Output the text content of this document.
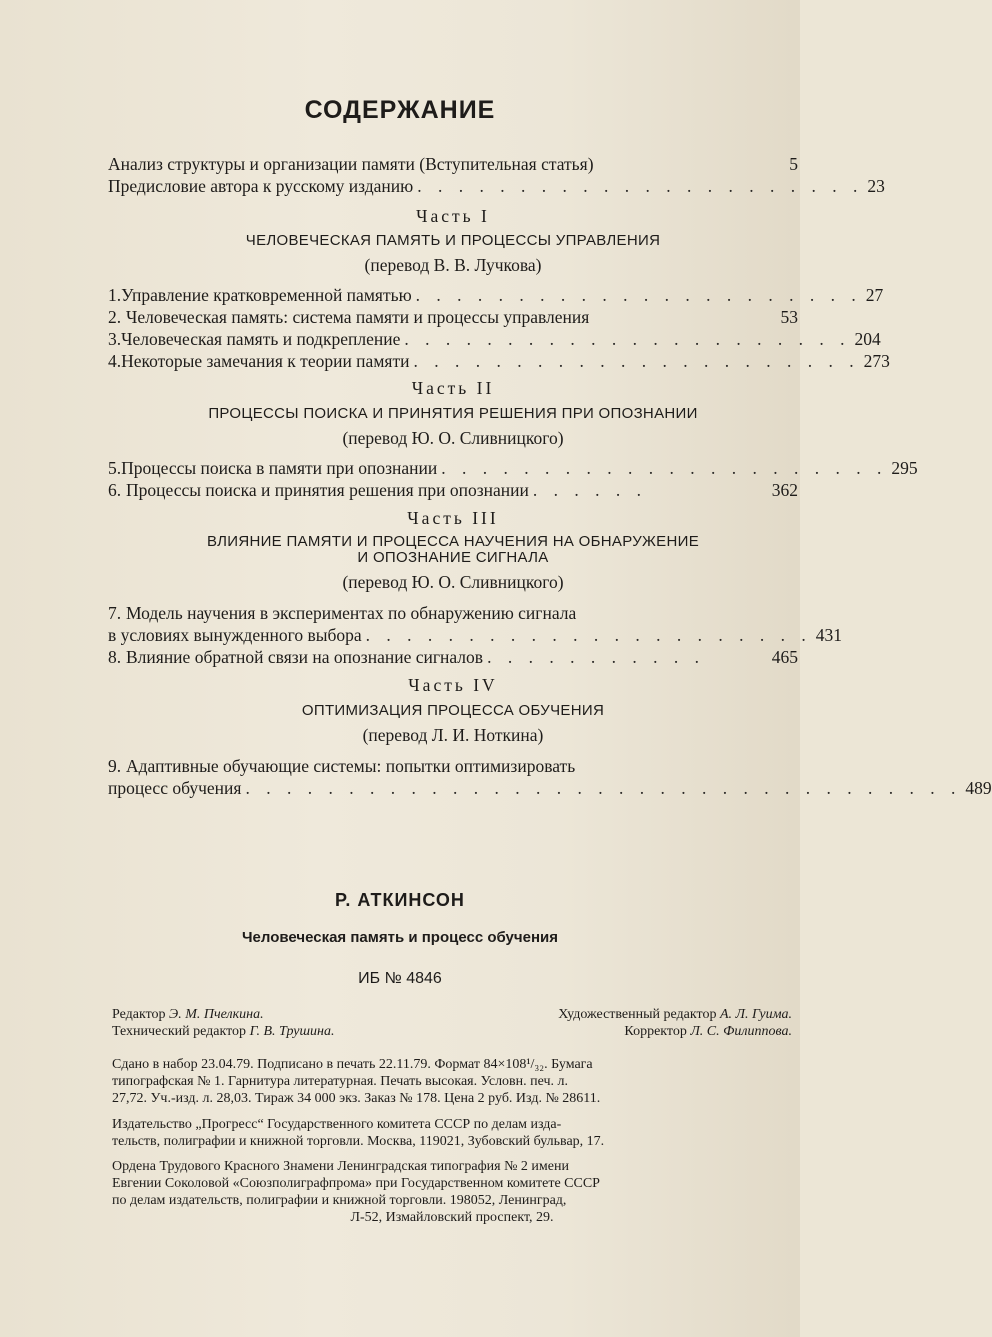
СОДЕРЖАНИЕ
Анализ структуры и организации памяти (Вступительная статья)	5
Предисловие автора к русскому изданию . . . . . . . . . . . . . . . . . . . . . . 23
Часть I
ЧЕЛОВЕЧЕСКАЯ ПАМЯТЬ И ПРОЦЕССЫ УПРАВЛЕНИЯ
(перевод В. В. Лучкова)
1. Управление кратковременной памятью . . . . . . . . . . . . . . . . . . . . . . 27
2. Человеческая память: система памяти и процессы управления	53
3. Человеческая память и подкрепление . . . . . . . . . . . . . . . . . . . . . . 204
4. Некоторые замечания к теории памяти . . . . . . . . . . . . . . . . . . . . . . 273
Часть II
ПРОЦЕССЫ ПОИСКА И ПРИНЯТИЯ РЕШЕНИЯ ПРИ ОПОЗНАНИИ
(перевод Ю. О. Сливницкого)
5. Процессы поиска в памяти при опознании . . . . . . . . . . . . . . . . . . . . . . 295
6. Процессы поиска и принятия решения при опознании . . . . . .	362
Часть III
ВЛИЯНИЕ ПАМЯТИ И ПРОЦЕССА НАУЧЕНИЯ НА ОБНАРУЖЕНИЕ
И ОПОЗНАНИЕ СИГНАЛА
(перевод Ю. О. Сливницкого)
7. Модель научения в экспериментах по обнаружению сигнала
в условиях вынужденного выбора . . . . . . . . . . . . . . . . . . . . . . 431
8. Влияние обратной связи на опознание сигналов . . . . . . . . . . .	465
Часть IV
ОПТИМИЗАЦИЯ ПРОЦЕССА ОБУЧЕНИЯ
(перевод Л. И. Ноткина)
9. Адаптивные обучающие системы: попытки оптимизировать
процесс обучения . . . . . . . . . . . . . . . . . . . . . . . . . . . . . . . . . . . 489
Р. АТКИНСОН
Человеческая память и процесс обучения
ИБ № 4846
Редактор Э. М. Пчелкина.	Художественный редактор А. Л. Гуима.
Технический редактор Г. В. Трушина.	Корректор Л. С. Филиппова.
Сдано в набор 23.04.79. Подписано в печать 22.11.79. Формат 84×108¹/₃₂. Бумага
типографская № 1. Гарнитура литературная. Печать высокая. Условн. печ. л.
27,72. Уч.-изд. л. 28,03. Тираж 34 000 экз. Заказ № 178. Цена 2 руб. Изд. № 28611.
Издательство „Прогресс“ Государственного комитета СССР по делам изда-
тельств, полиграфии и книжной торговли. Москва, 119021, Зубовский бульвар, 17.
Ордена Трудового Красного Знамени Ленинградская типография № 2 имени
Евгении Соколовой «Союзполиграфпрома» при Государственном комитете СССР
по делам издательств, полиграфии и книжной торговли. 198052, Ленинград,
Л-52, Измайловский проспект, 29.
